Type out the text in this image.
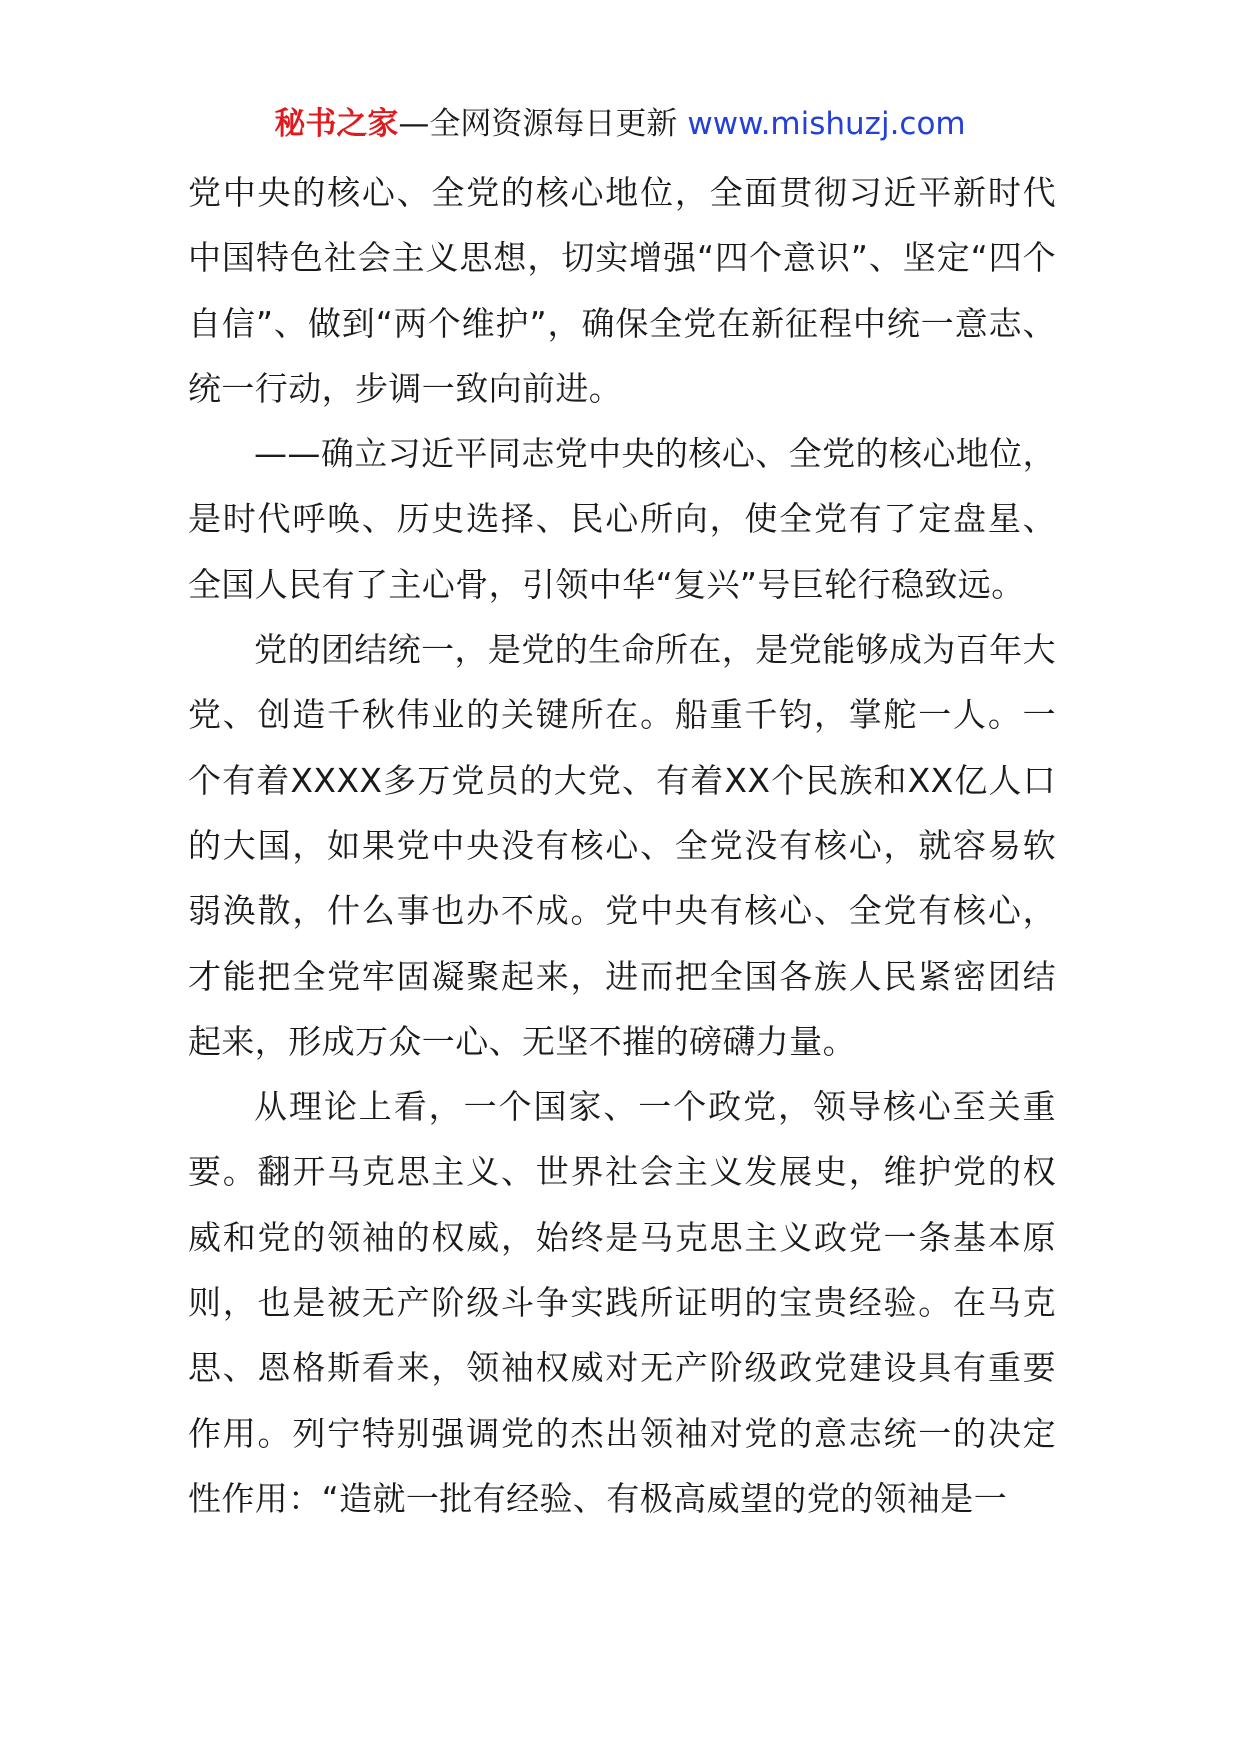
秘书之家—全网资源每日更新 www.mishuzj.com

党中央的核心、全党的核心地位，全面贯彻习近平新时代中国特色社会主义思想，切实增强“四个意识”、坚定“四个自信”、做到“两个维护”，确保全党在新征程中统一意志、统一行动，步调一致向前进。

——确立习近平同志党中央的核心、全党的核心地位，是时代呼唤、历史选择、民心所向，使全党有了定盘星、全国人民有了主心骨，引领中华“复兴”号巨轮行稳致远。

党的团结统一，是党的生命所在，是党能够成为百年大党、创造千秋伟业的关键所在。船重千钧，掌舵一人。一个有着XXXX多万党员的大党、有着XX个民族和XX亿人口的大国，如果党中央没有核心、全党没有核心，就容易软弱涣散，什么事也办不成。党中央有核心、全党有核心，才能把全党牢固凝聚起来，进而把全国各族人民紧密团结起来，形成万众一心、无坚不摧的磅礴力量。

从理论上看，一个国家、一个政党，领导核心至关重要。翻开马克思主义、世界社会主义发展史，维护党的权威和党的领袖的权威，始终是马克思主义政党一条基本原则，也是被无产阶级斗争实践所证明的宝贵经验。在马克思、恩格斯看来，领袖权威对无产阶级政党建设具有重要作用。列宁特别强调党的杰出领袖对党的意志统一的决定性作用：“造就一批有经验、有极高威望的党的领袖是一
